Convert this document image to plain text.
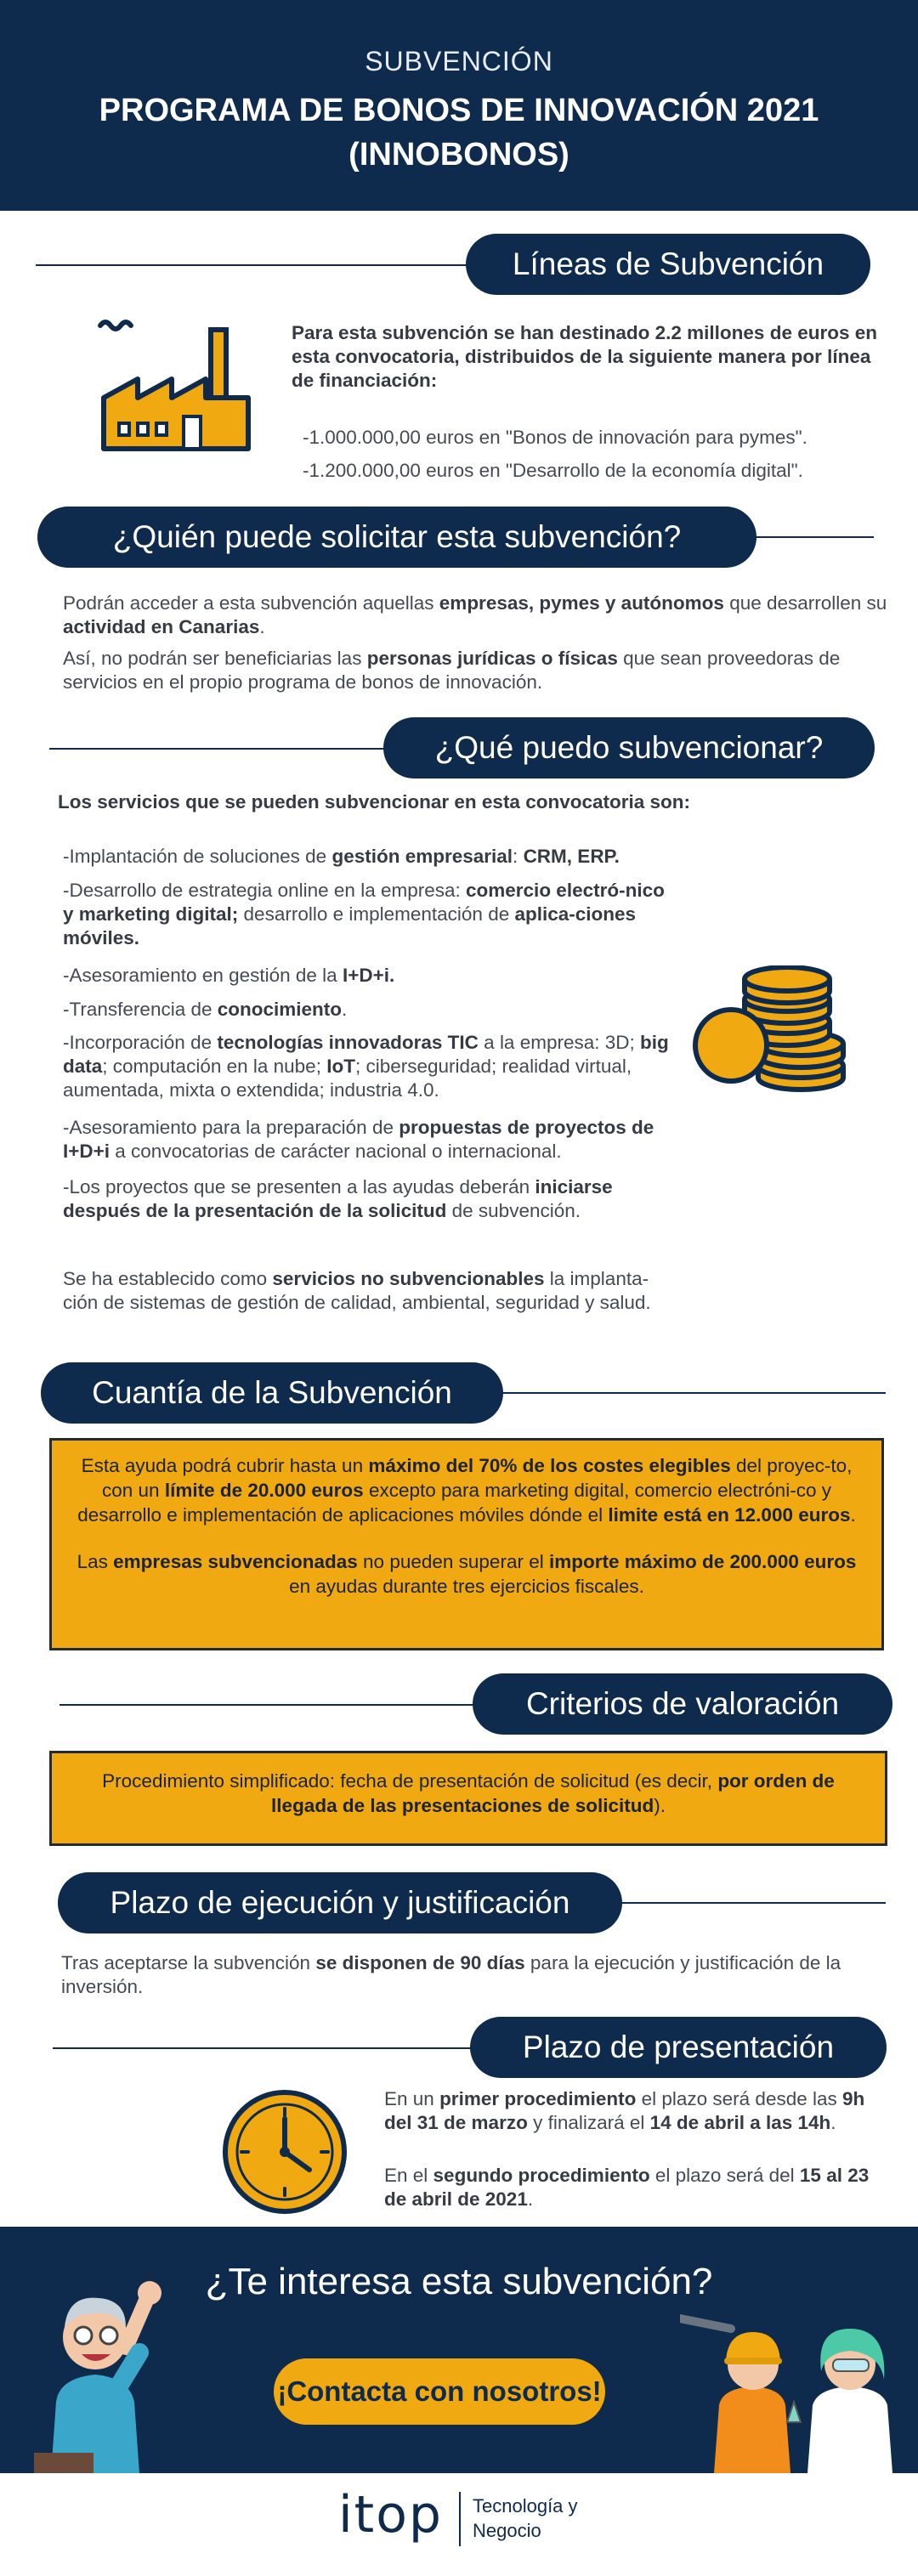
SUBVENCIÓN
PROGRAMA DE BONOS DE INNOVACIÓN 2021
(INNOBONOS)
Líneas de Subvención
Para esta subvención se han destinado 2.2 millones de euros en esta convocatoria, distribuidos de la siguiente manera por línea de financiación:
-1.000.000,00 euros en "Bonos de innovación para pymes".
-1.200.000,00 euros en "Desarrollo de la economía digital".
¿Quién puede solicitar esta subvención?
Podrán acceder a esta subvención aquellas empresas, pymes y autónomos que desarrollen su actividad en Canarias.
Así, no podrán ser beneficiarias las personas jurídicas o físicas que sean proveedoras de servicios en el propio programa de bonos de innovación.
¿Qué puedo subvencionar?
Los servicios que se pueden subvencionar en esta convocatoria son:
-Implantación de soluciones de gestión empresarial: CRM, ERP.
-Desarrollo de estrategia online en la empresa: comercio electró-nico y marketing digital; desarrollo e implementación de aplica-ciones móviles.
-Asesoramiento en gestión de la I+D+i.
-Transferencia de conocimiento.
-Incorporación de tecnologías innovadoras TIC a la empresa: 3D; big data; computación en la nube; IoT; ciberseguridad; realidad virtual, aumentada, mixta o extendida; industria 4.0.
-Asesoramiento para la preparación de propuestas de proyectos de I+D+i a convocatorias de carácter nacional o internacional.
-Los proyectos que se presenten a las ayudas deberán iniciarse después de la presentación de la solicitud de subvención.
Se ha establecido como servicios no subvencionables la implanta-ción de sistemas de gestión de calidad, ambiental, seguridad y salud.
Cuantía de la Subvención
Esta ayuda podrá cubrir hasta un máximo del 70% de los costes elegibles del proyec-to, con un límite de 20.000 euros excepto para marketing digital, comercio electróni-co y desarrollo e implementación de aplicaciones móviles dónde el limite está en 12.000 euros.
Las empresas subvencionadas no pueden superar el importe máximo de 200.000 euros en ayudas durante tres ejercicios fiscales.
Criterios de valoración
Procedimiento simplificado: fecha de presentación de solicitud (es decir, por orden de llegada de las presentaciones de solicitud).
Plazo de ejecución y justificación
Tras aceptarse la subvención se disponen de 90 días para la ejecución y justificación de la inversión.
Plazo de presentación
En un primer procedimiento el plazo será desde las 9h del 31 de marzo y finalizará el 14 de abril a las 14h.
En el segundo procedimiento el plazo será del 15 al 23 de abril de 2021.
¿Te interesa esta subvención?
¡Contacta con nosotros!
itop Tecnología y
Negocio
